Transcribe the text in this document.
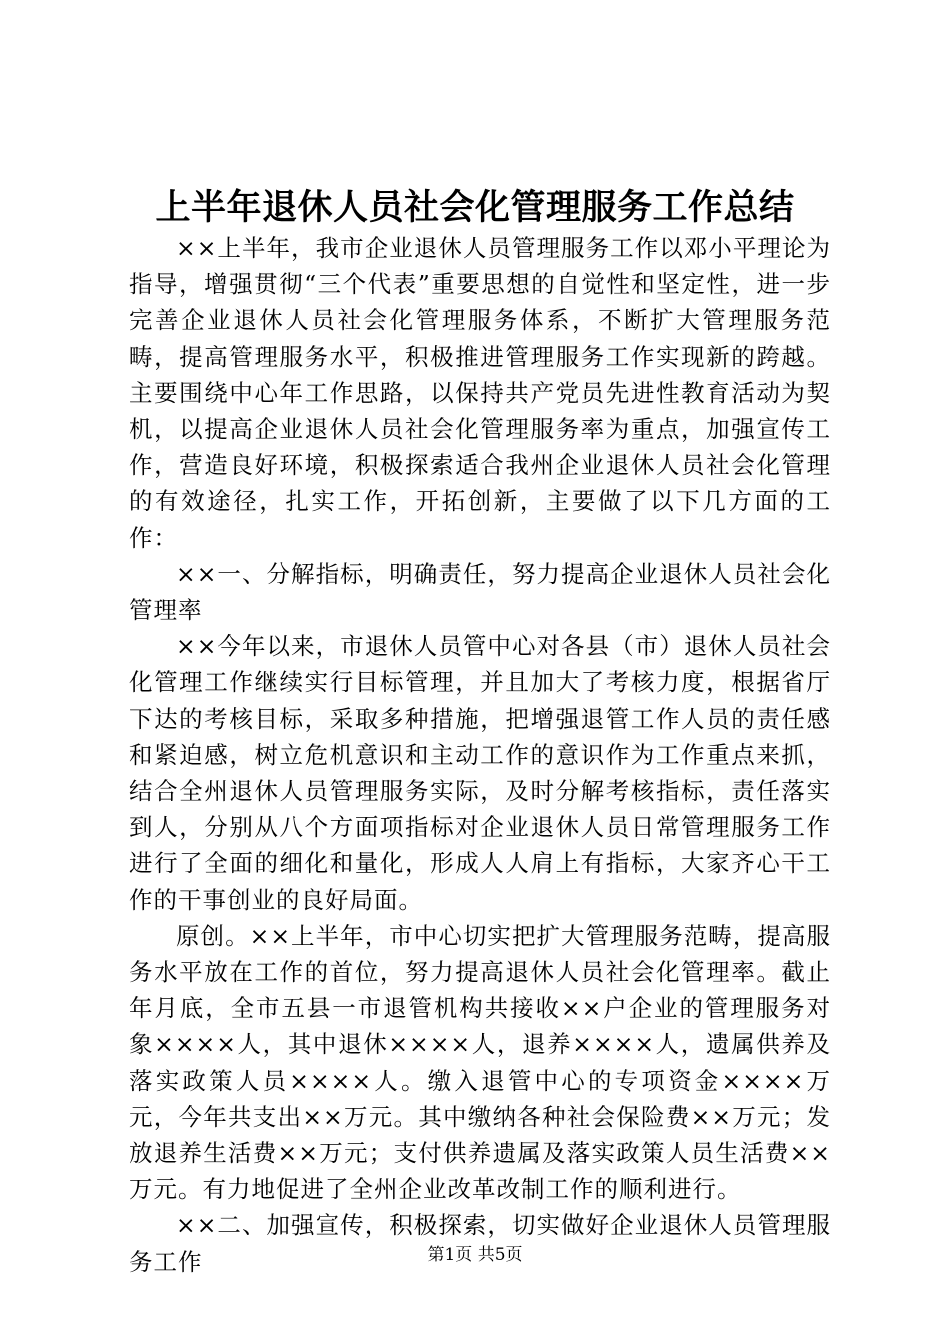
上半年退休人员社会化管理服务工作总结

××上半年，我市企业退休人员管理服务工作以邓小平理论为指导，增强贯彻“三个代表”重要思想的自觉性和坚定性，进一步完善企业退休人员社会化管理服务体系，不断扩大管理服务范畴，提高管理服务水平，积极推进管理服务工作实现新的跨越。主要围绕中心年工作思路，以保持共产党员先进性教育活动为契机，以提高企业退休人员社会化管理服务率为重点，加强宣传工作，营造良好环境，积极探索适合我州企业退休人员社会化管理的有效途径，扎实工作，开拓创新，主要做了以下几方面的工作：

××一、分解指标，明确责任，努力提高企业退休人员社会化管理率

××今年以来，市退休人员管中心对各县（市）退休人员社会化管理工作继续实行目标管理，并且加大了考核力度，根据省厅下达的考核目标，采取多种措施，把增强退管工作人员的责任感和紧迫感，树立危机意识和主动工作的意识作为工作重点来抓，结合全州退休人员管理服务实际，及时分解考核指标，责任落实到人，分别从八个方面项指标对企业退休人员日常管理服务工作进行了全面的细化和量化，形成人人肩上有指标，大家齐心干工作的干事创业的良好局面。

原创。××上半年，市中心切实把扩大管理服务范畴，提高服务水平放在工作的首位，努力提高退休人员社会化管理率。截止年月底，全市五县一市退管机构共接收××户企业的管理服务对象××××人，其中退休××××人，退养××××人，遗属供养及落实政策人员××××人。缴入退管中心的专项资金××××万元，今年共支出××万元。其中缴纳各种社会保险费××万元；发放退养生活费××万元；支付供养遗属及落实政策人员生活费××万元。有力地促进了全州企业改革改制工作的顺利进行。

××二、加强宣传，积极探索，切实做好企业退休人员管理服务工作	第1页 共5页
